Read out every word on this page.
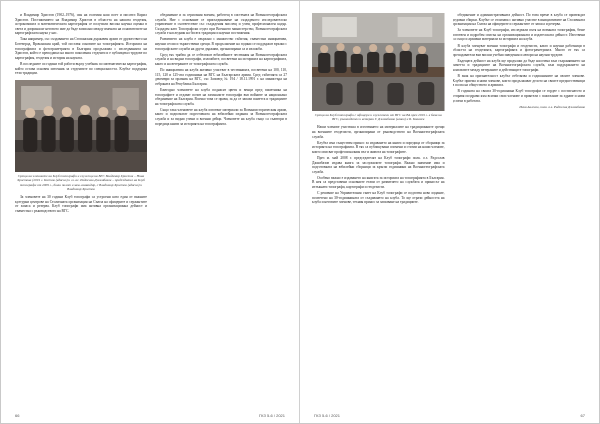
и Владимир Христов (1902–1976), син на големия наш поет и писател Кирил Христов. Постижението на Владимир Христов в областта на нашата геодезия, астрономията и математическата картография се получили висока научна оценка в света и допринасят неговото име да бъде записано между имената на основателите на картографската наука у нас.

Така например, със създаването на Стопанския държавен архив от дружеството на Ботевград, Врачанския край, той поставя основите на топографията. Историята на топографията и фотограметрията в България продължава с изследванията на Христов, който е преподавал на много поколения студенти и е публикувал трудове по картография, геодезия и история на науката.

В последните си години той работи върху учебник по математическа картография, който остава основен източник за студентите по специалността. Клубът поддържа тези традиции.

Среща на членовете на Клуб топографи и служещи на ВГС Владимир Христов – Нина Христова (2019 г. Костов (вдясно) и гл. ас. Радослав Джамбазов – председател на Клуб топографи от 2009 г., бивш пилот и зам.-командир, с Владимир Христов (вдясно) и Владимир Христов

За членовете на 30 години Клуб топографи са устроени като един от важните културни центрове на Столичната организация на Съюза на офицерите и сержантите от запаса и резерва. Клуб топографи има активна организационна дейност и съвместна с ръководството на ВГС.

обединение и за сериозния военен, работещ в системата на Военногеографската служба. Ние с основание се присъединяваме на създаденото изследователско управление в съответствие със създадения мислещ и учещ професионален кадър. Създаден като Топографски отдел при Военното министерство, Военногеографската служба е наследник на богата традиция и научни постижения.

Развитието на клуба е свързано с множество събития, съвместни инициативи, научни сесии и тържествени срещи. В продължение на години се поддържат връзки с топографските служби на други държави, организирани са и изложби.

Сред тях трябва да се отбележат юбилейните чествания на Военногеографската служба и на видни топографи, изложбите, посветени на историята на картографията, както и на ветераните от топографската служба.

По инициатива на клуба активно участват в честванията, посветени на 100, 110, 115, 120 и 125-ата годишнина на ВГС на Българската армия. Сред събитията са 27 декември за празник на ВГС, със Заповед № 194 / 18.11.1991 г. на министъра на отбраната на Република България.

Ежегодно членовете на клуба поднасят цветя и венци пред паметника на топографите и отдават почит на загиналите топографи във войните за национално обединение на България. Всичко това се прави, за да се запази паметта и традициите на топографската служба.

Също така членовете на клуба изготвят материали за Военноисторическия архив, както и подпомагат подготовката на юбилейни издания за Военногеографската служба и за видни учени и военни дейци. Членовете на клуба също са съавтори в поредица книги за историята на топографията.

66	ГКЗ 5-6 / 2021

Среща на Клуб топографи с офицери и служители от ВГС на ВА през 2019 г. в база на ВГС, ръководител и ветеран Г. Джамбазов (вляво) и Б. Ковачев

Наши членове участваха в изготвянето на материалите на традиционните срещи на военните геодезисти, организирани от ръководството на Военногеографската служба.

Клубът има съществен принос за издаването на книги и поредица от сборници за историята на топографията. В тях са публикувани спомени и статии на наши членове, които описват професионалния път и живота на топографите.

През м. май 2008 г. председателят на Клуб топографи полк. о.з. Радослав Джамбазов издава книга за заслужилите топографи. Важно значение има и подготовката на юбилейни сборници за кръгли годишнини на Военногеографската служба.

Особено важно е издаването на книгата за историята на топографията в България. В нея са представени основните етапи от развитието на службата и приносът на изтъкнати топографи, картографи и геодезисти.

С решение на Управителния съвет на Клуб топографи се подготвя ново издание, посветено на 30-годишнината от създаването на клуба. То ще отрази дейността на клуба и неговите членове, техния принос за запазване на традициите.

обединение и административната дейност. По това време в клуба се провеждат редовни сбирки. Клубът се отличава с активно участие в инициативите на Столичната организация на Съюза на офицерите и сержантите от запаса и резерва.

За членовете на Клуб топографи, изследвали пътя на военната топография, беше изготвен и подробен списък на организационната и издателската дейност. Изготвени са също и архивни материали за историята на клуба.

В клуба членуват военни топографи и геодезисти, както и научни работници в областта на геодезията, картографията и фотограметрията. Много от тях са преподаватели във висши учебни заведения и автори на научни трудове.

Бъдещата дейност на клуба ще продължи да бъде насочена към съхраняването на паметта и традициите на Военногеографската служба, към поддържането на контактите между ветераните и действащите топографи.

В знак на признателност клубът отбелязва и годишнините на своите членове. Клубът приема и нови членове, които продължават делото на своите предшественици в полза на обществото и армията.

В годината на своята 30-годишнина Клуб топографи се гордее с постигнатото и отправя поздрави към всички свои членове и приятели с пожелание за здраве и нови успехи в работата.

Илия Ангелов, полк. о.з. Радослав Джамбазов

ГКЗ 5-6 / 2021	67
